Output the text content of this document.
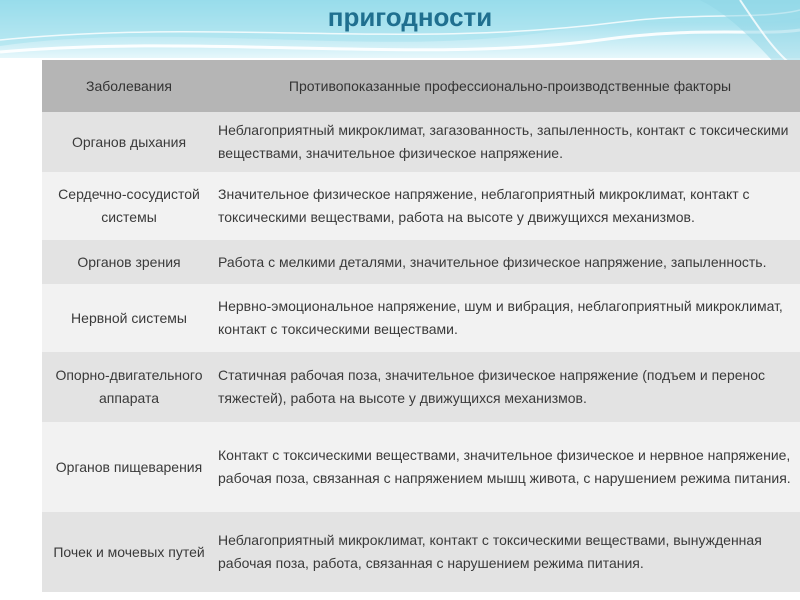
пригодности
Заболевания	Противопоказанные профессионально-производственные факторы
Органов дыхания	Неблагоприятный микроклимат, загазованность, запыленность, контакт с токсическими веществами, значительное физическое напряжение.
Сердечно-сосудистой системы	Значительное физическое напряжение, неблагоприятный микроклимат, контакт с токсическими веществами, работа на высоте у движущихся механизмов.
Органов зрения	Работа с мелкими деталями, значительное физическое напряжение, запыленность.
Нервной системы	Нервно-эмоциональное напряжение, шум и вибрация, неблагоприятный микроклимат, контакт с токсическими веществами.
Опорно-двигательного аппарата	Статичная рабочая поза, значительное физическое напряжение (подъем и перенос тяжестей), работа на высоте у движущихся механизмов.
Органов пищеварения	Контакт с токсическими веществами, значительное физическое и нервное напряжение, рабочая поза, связанная с напряжением мышц живота, с нарушением режима питания.
Почек и мочевых путей	Неблагоприятный микроклимат, контакт с токсическими веществами, вынужденная рабочая поза, работа, связанная с нарушением режима питания.
